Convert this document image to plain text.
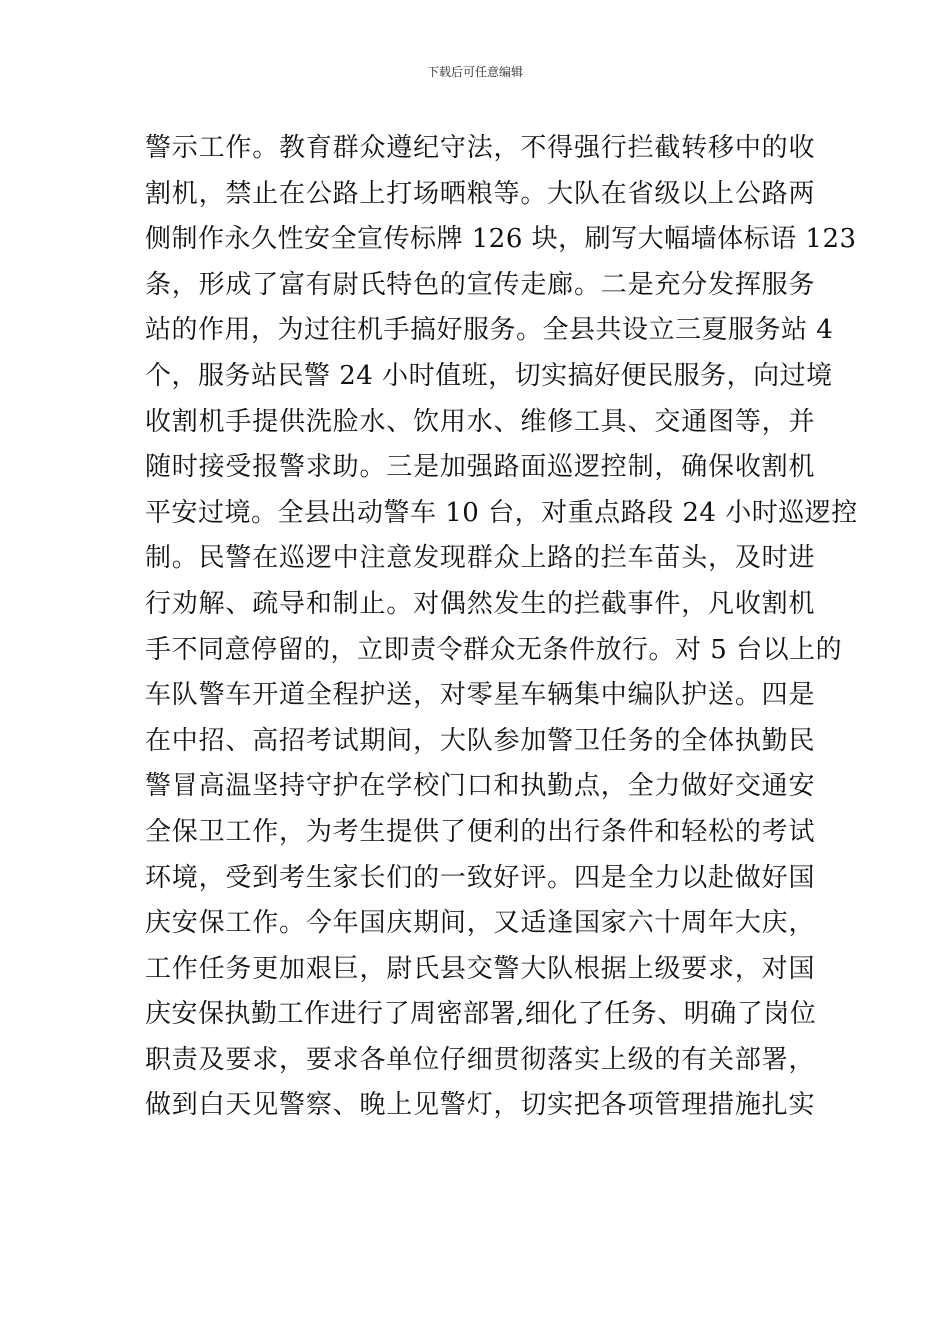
下载后可任意编辑
警示工作。教育群众遵纪守法，不得强行拦截转移中的收
割机，禁止在公路上打场晒粮等。大队在省级以上公路两
侧制作永久性安全宣传标牌 126 块，刷写大幅墙体标语 123
条，形成了富有尉氏特色的宣传走廊。二是充分发挥服务
站的作用，为过往机手搞好服务。全县共设立三夏服务站 4
个，服务站民警 24 小时值班，切实搞好便民服务，向过境
收割机手提供洗脸水、饮用水、维修工具、交通图等，并
随时接受报警求助。三是加强路面巡逻控制，确保收割机
平安过境。全县出动警车 10 台，对重点路段 24 小时巡逻控
制。民警在巡逻中注意发现群众上路的拦车苗头，及时进
行劝解、疏导和制止。对偶然发生的拦截事件，凡收割机
手不同意停留的，立即责令群众无条件放行。对 5 台以上的
车队警车开道全程护送，对零星车辆集中编队护送。四是
在中招、高招考试期间，大队参加警卫任务的全体执勤民
警冒高温坚持守护在学校门口和执勤点，全力做好交通安
全保卫工作，为考生提供了便利的出行条件和轻松的考试
环境，受到考生家长们的一致好评。四是全力以赴做好国
庆安保工作。今年国庆期间，又适逢国家六十周年大庆，
工作任务更加艰巨，尉氏县交警大队根据上级要求，对国
庆安保执勤工作进行了周密部署,细化了任务、明确了岗位
职责及要求，要求各单位仔细贯彻落实上级的有关部署，
做到白天见警察、晚上见警灯，切实把各项管理措施扎实
